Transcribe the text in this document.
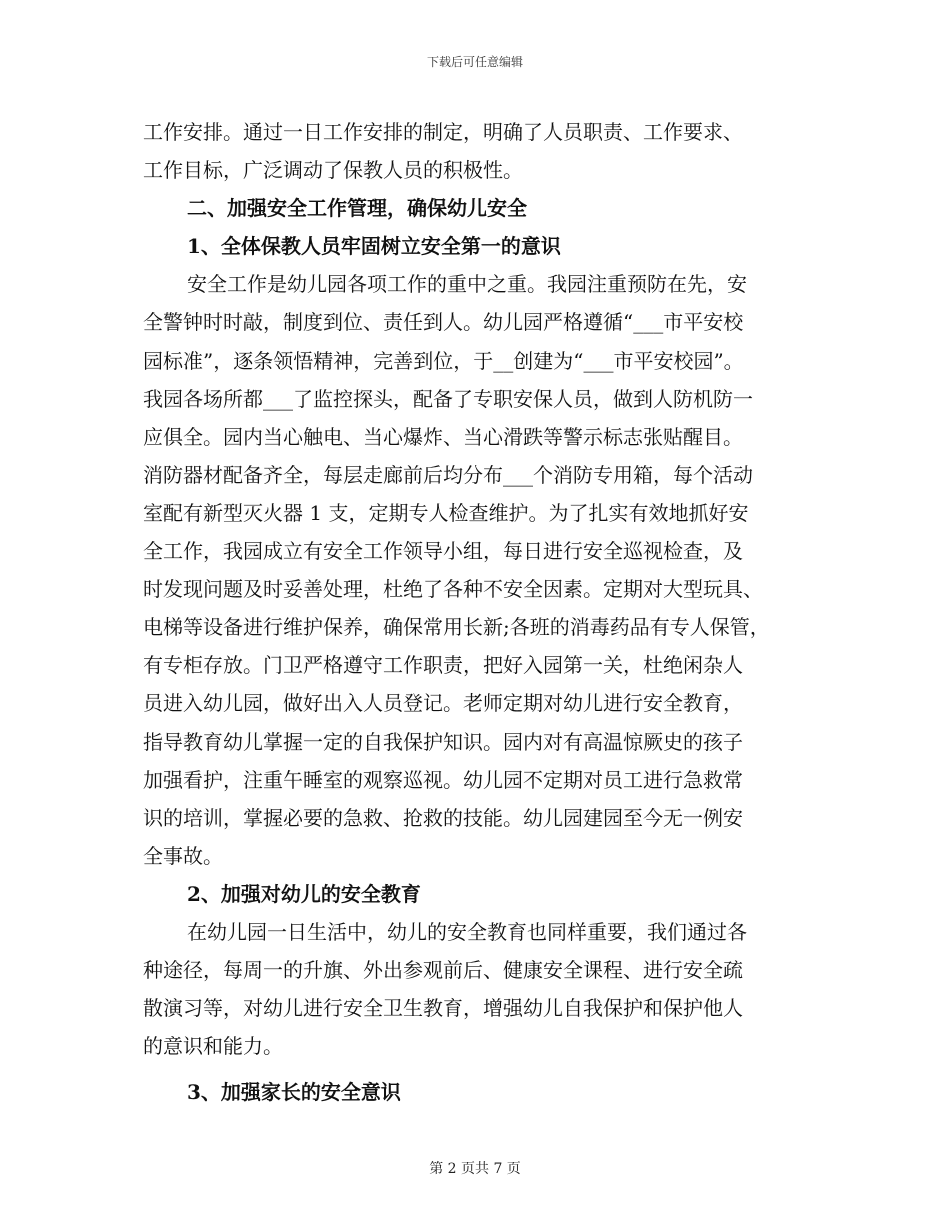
下载后可任意编辑
工作安排。通过一日工作安排的制定，明确了人员职责、工作要求、
工作目标，广泛调动了保教人员的积极性。
二、加强安全工作管理，确保幼儿安全
1、全体保教人员牢固树立安全第一的意识
安全工作是幼儿园各项工作的重中之重。我园注重预防在先，安
全警钟时时敲，制度到位、责任到人。幼儿园严格遵循“___市平安校
园标准”，逐条领悟精神，完善到位，于__创建为“___市平安校园”。
我园各场所都___了监控探头，配备了专职安保人员，做到人防机防一
应俱全。园内当心触电、当心爆炸、当心滑跌等警示标志张贴醒目。
消防器材配备齐全，每层走廊前后均分布___个消防专用箱，每个活动
室配有新型灭火器 1 支，定期专人检查维护。为了扎实有效地抓好安
全工作，我园成立有安全工作领导小组，每日进行安全巡视检查，及
时发现问题及时妥善处理，杜绝了各种不安全因素。定期对大型玩具、
电梯等设备进行维护保养，确保常用长新;各班的消毒药品有专人保管，
有专柜存放。门卫严格遵守工作职责，把好入园第一关，杜绝闲杂人
员进入幼儿园，做好出入人员登记。老师定期对幼儿进行安全教育，
指导教育幼儿掌握一定的自我保护知识。园内对有高温惊厥史的孩子
加强看护，注重午睡室的观察巡视。幼儿园不定期对员工进行急救常
识的培训，掌握必要的急救、抢救的技能。幼儿园建园至今无一例安
全事故。
2、加强对幼儿的安全教育
在幼儿园一日生活中，幼儿的安全教育也同样重要，我们通过各
种途径，每周一的升旗、外出参观前后、健康安全课程、进行安全疏
散演习等，对幼儿进行安全卫生教育，增强幼儿自我保护和保护他人
的意识和能力。
3、加强家长的安全意识
第 2 页共 7 页
